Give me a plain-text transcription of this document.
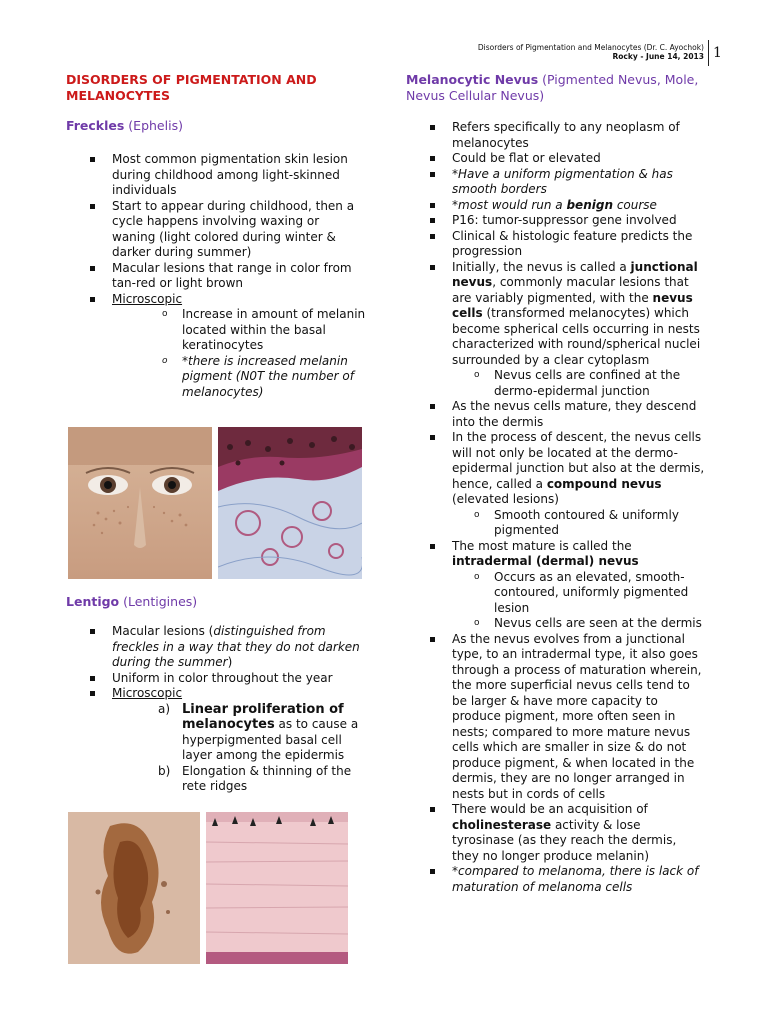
Disorders of Pigmentation and Melanocytes (Dr. C. Ayochok)
Rocky - June 14, 2013 1

DISORDERS OF PIGMENTATION AND
MELANOCYTES

Freckles (Ephelis)

Most common pigmentation skin lesion during childhood among light-skinned individuals
Start to appear during childhood, then a cycle happens involving waxing or waning (light colored during winter & darker during summer)
Macular lesions that range in color from tan-red or light brown
Microscopic
o Increase in amount of melanin located within the basal keratinocytes
o *there is increased melanin pigment (N0T the number of melanocytes)

Lentigo (Lentigines)

Macular lesions (distinguished from freckles in a way that they do not darken during the summer)
Uniform in color throughout the year
Microscopic
a) Linear proliferation of melanocytes as to cause a hyperpigmented basal cell layer among the epidermis
b) Elongation & thinning of the rete ridges

Melanocytic Nevus (Pigmented Nevus, Mole, Nevus Cellular Nevus)

Refers specifically to any neoplasm of melanocytes
Could be flat or elevated
*Have a uniform pigmentation & has smooth borders
*most would run a benign course
P16: tumor-suppressor gene involved
Clinical & histologic feature predicts the progression
Initially, the nevus is called a junctional nevus, commonly macular lesions that are variably pigmented, with the nevus cells (transformed melanocytes) which become spherical cells occurring in nests characterized with round/spherical nuclei surrounded by a clear cytoplasm
o Nevus cells are confined at the dermo-epidermal junction
As the nevus cells mature, they descend into the dermis
In the process of descent, the nevus cells will not only be located at the dermo-epidermal junction but also at the dermis, hence, called a compound nevus (elevated lesions)
o Smooth contoured & uniformly pigmented
The most mature is called the
intradermal (dermal) nevus
o Occurs as an elevated, smooth-contoured, uniformly pigmented lesion
o Nevus cells are seen at the dermis
As the nevus evolves from a junctional type, to an intradermal type, it also goes through a process of maturation wherein, the more superficial nevus cells tend to be larger & have more capacity to produce pigment, more often seen in nests; compared to more mature nevus cells which are smaller in size & do not produce pigment, & when located in the dermis, they are no longer arranged in nests but in cords of cells
There would be an acquisition of cholinesterase activity & lose tyrosinase (as they reach the dermis, they no longer produce melanin)
*compared to melanoma, there is lack of maturation of melanoma cells
